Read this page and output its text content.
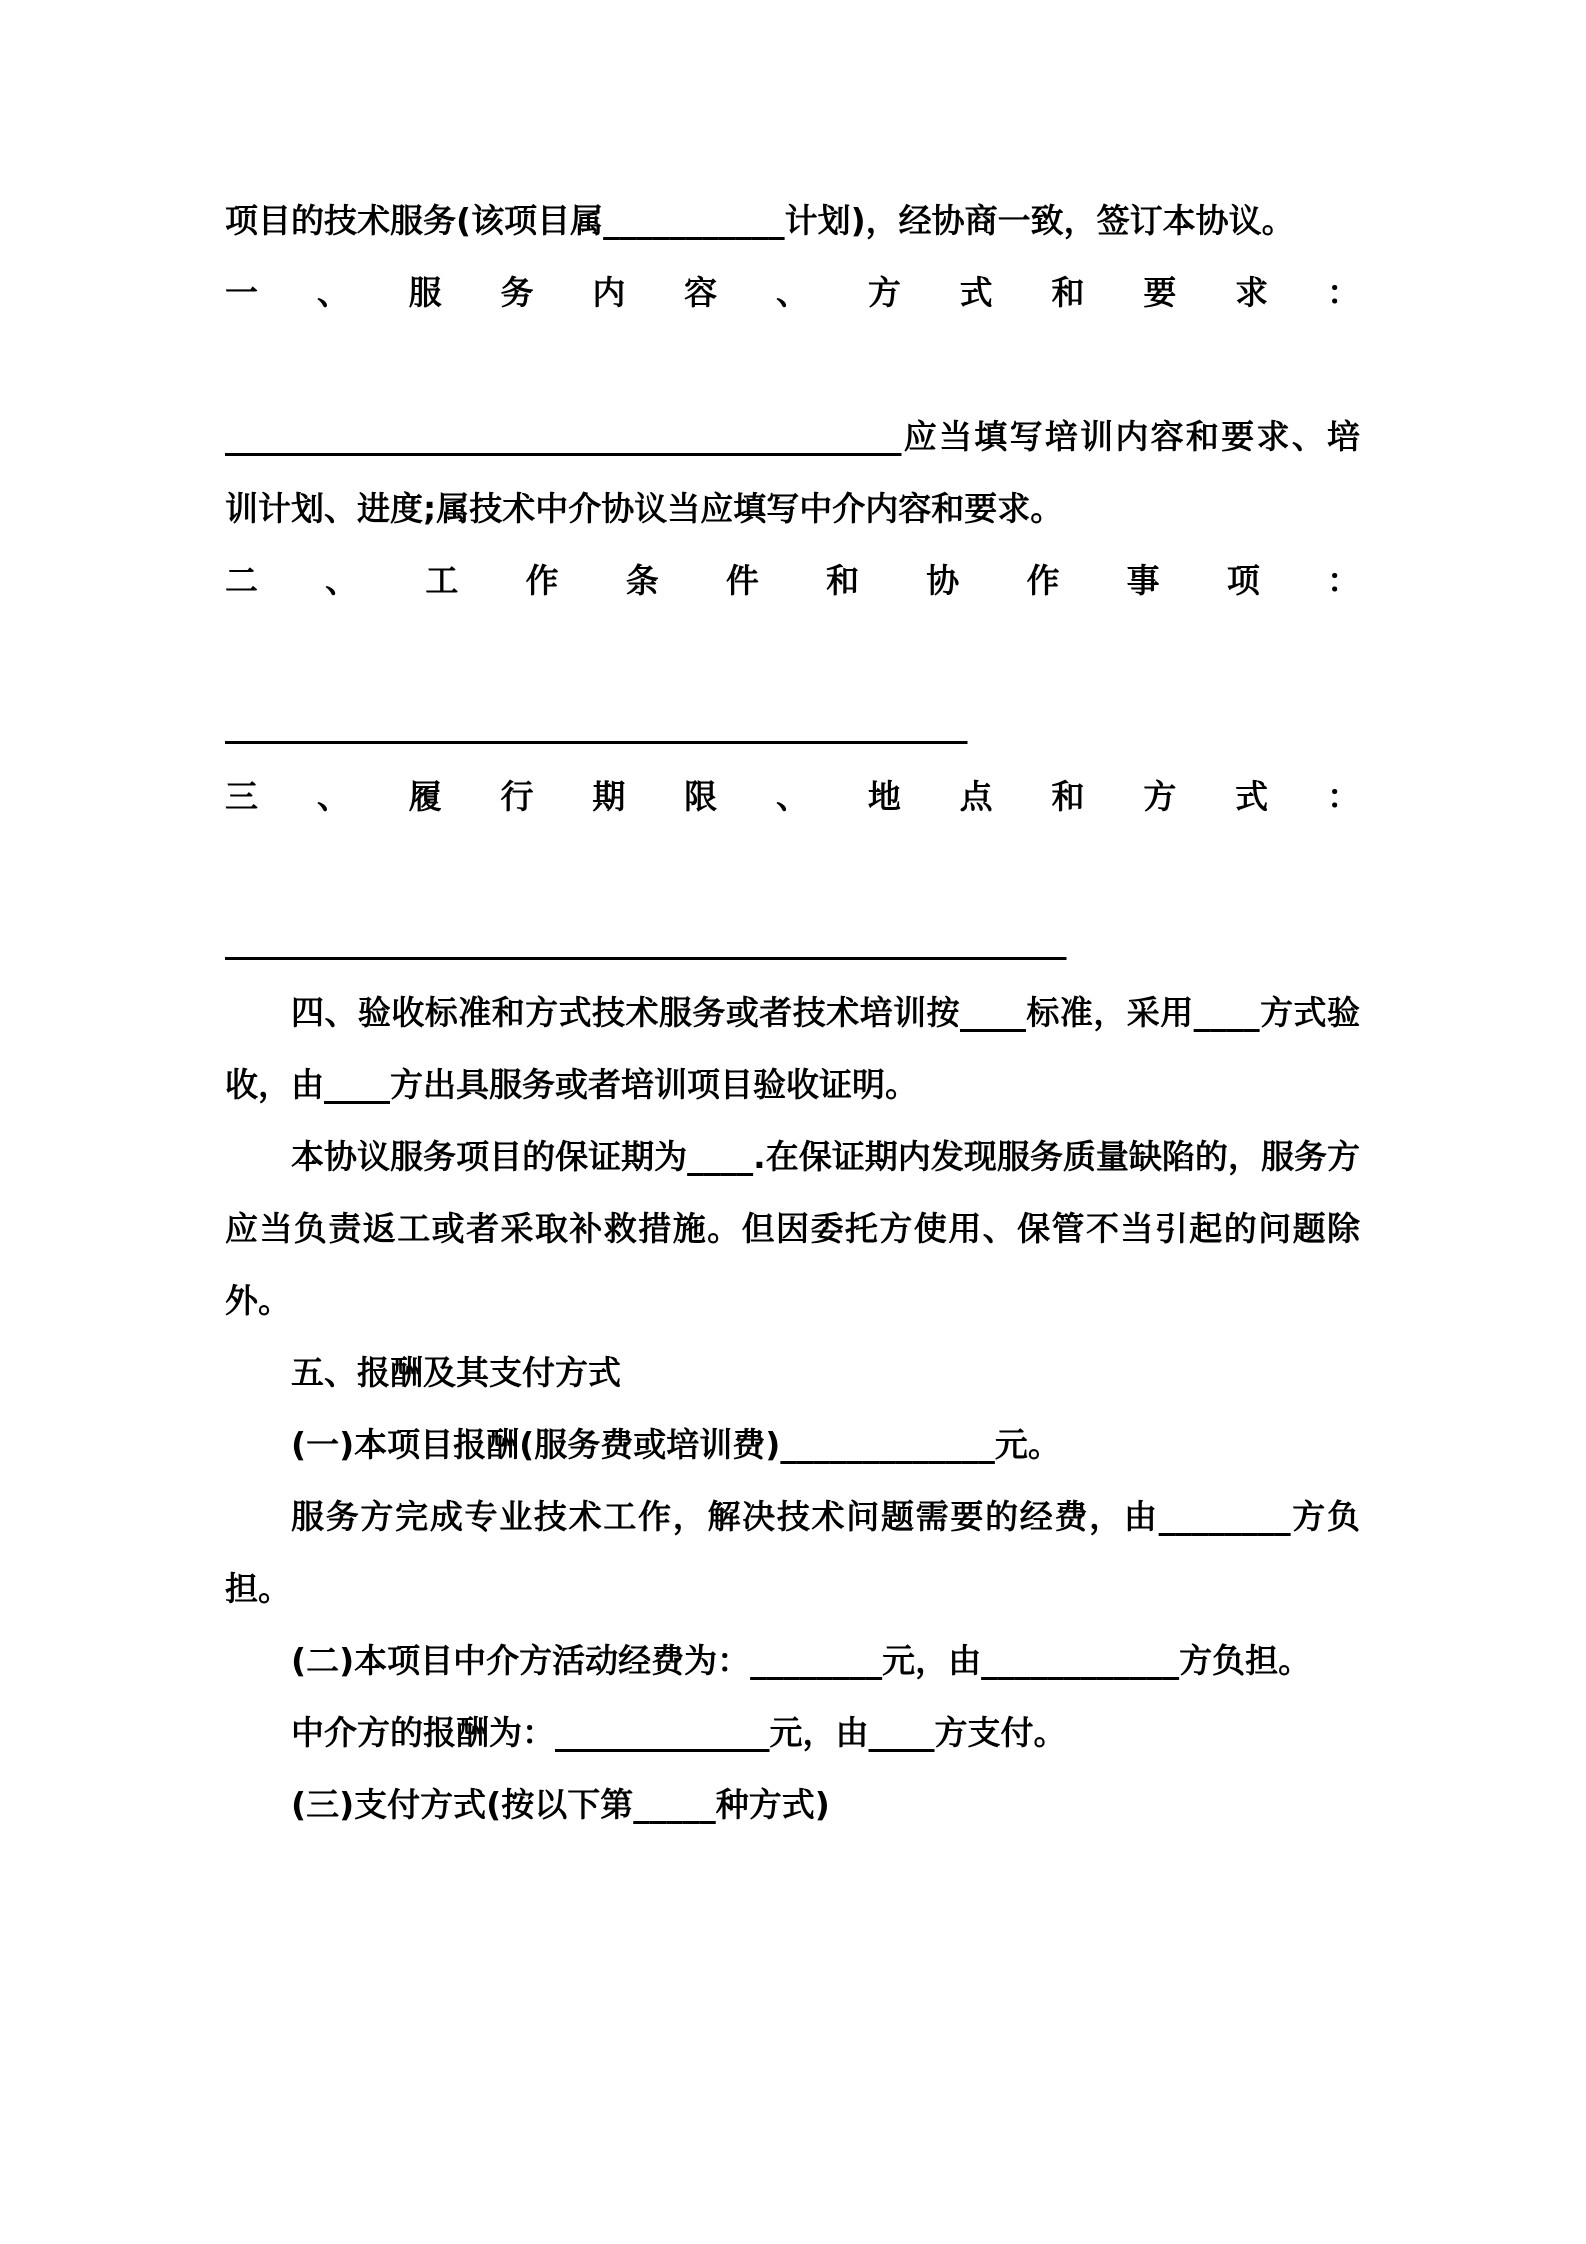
项目的技术服务(该项目属___________计划)，经协商一致，签订本协议。

一、服务内容、方式和要求：

_________________________________________应当填写培训内容和要求、培训计划、进度;属技术中介协议当应填写中介内容和要求。

二、工作条件和协作事项：

_____________________________________________

三、履行期限、地点和方式：

___________________________________________________

四、验收标准和方式技术服务或者技术培训按____标准，采用____方式验收，由____方出具服务或者培训项目验收证明。

本协议服务项目的保证期为____.在保证期内发现服务质量缺陷的，服务方应当负责返工或者采取补救措施。但因委托方使用、保管不当引起的问题除外。

五、报酬及其支付方式

(一)本项目报酬(服务费或培训费)_____________元。

服务方完成专业技术工作，解决技术问题需要的经费，由________方负担。

(二)本项目中介方活动经费为：________元，由____________方负担。

中介方的报酬为：_____________元，由____方支付。

(三)支付方式(按以下第_____种方式)
